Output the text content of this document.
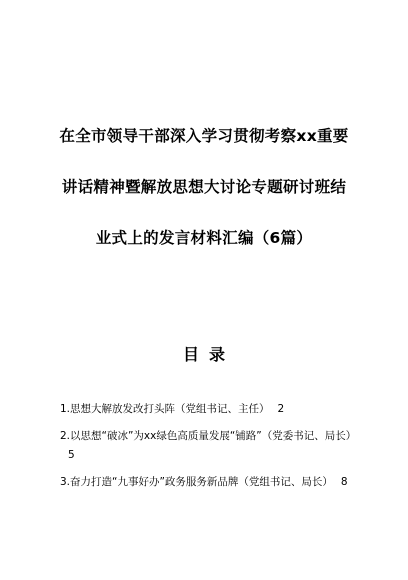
在全市领导干部深入学习贯彻考察xx重要
讲话精神暨解放思想大讨论专题研讨班结
业式上的发言材料汇编（6篇）
目录
1.思想大解放发改打头阵（党组书记、主任） 2
2.以思想“破冰”为xx绿色高质量发展“铺路”（党委书记、局长）5
3.奋力打造“九事好办”政务服务新品牌（党组书记、局长） 8
